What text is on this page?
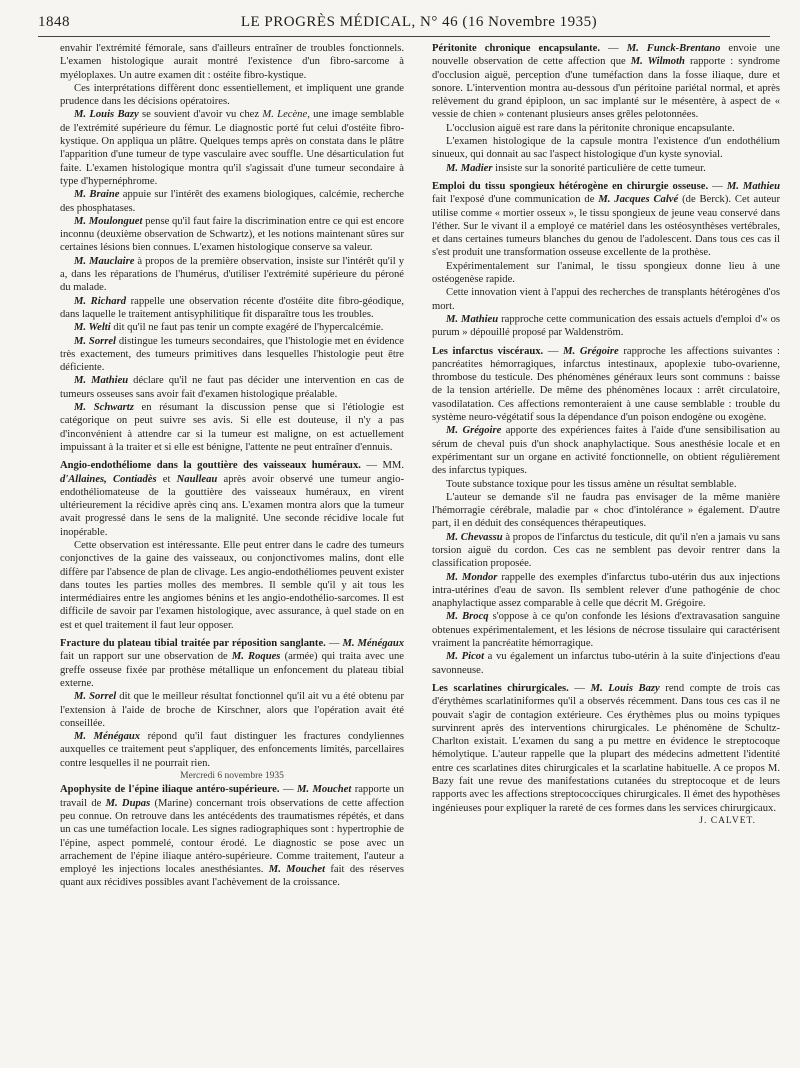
1848	LE PROGRÈS MÉDICAL, N° 46 (16 Novembre 1935)

envahir l'extrémité fémorale, sans d'ailleurs entraîner de troubles fonctionnels. L'examen histologique aurait montré l'existence d'un fibro-sarcome à myéloplaxes. Un autre examen dit : ostéite fibro-kystique.

Ces interprétations diffèrent donc essentiellement, et impliquent une grande prudence dans les décisions opératoires.

M. Louis Bazy se souvient d'avoir vu chez M. Lecène, une image semblable de l'extrémité supérieure du fémur. Le diagnostic porté fut celui d'ostéite fibro-kystique. On appliqua un plâtre. Quelques temps après on constata dans le plâtre l'apparition d'une tumeur de type vasculaire avec souffle. Une désarticulation fut faite. L'examen histologique montra qu'il s'agissait d'une tumeur secondaire à type d'hypernéphrome.

M. Braine appuie sur l'intérêt des examens biologiques, calcémie, recherche des phosphatases.

M. Moulonguet pense qu'il faut faire la discrimination entre ce qui est encore inconnu (deuxième observation de Schwartz), et les notions maintenant sûres sur certaines lésions bien connues. L'examen histologique conserve sa valeur.

M. Mauclaire à propos de la première observation, insiste sur l'intérêt qu'il y a, dans les réparations de l'humérus, d'utiliser l'extrémité supérieure du péroné du malade.

M. Richard rappelle une observation récente d'ostéite dite fibro-géodique, dans laquelle le traitement antisyphilitique fit disparaître tous les troubles.

M. Welti dit qu'il ne faut pas tenir un compte exagéré de l'hypercalcémie.

M. Sorrel distingue les tumeurs secondaires, que l'histologie met en évidence très exactement, des tumeurs primitives dans lesquelles l'histologie peut être déficiente.

M. Mathieu déclare qu'il ne faut pas décider une intervention en cas de tumeurs osseuses sans avoir fait d'examen histologique préalable.

M. Schwartz en résumant la discussion pense que si l'étiologie est catégorique on peut suivre ses avis. Si elle est douteuse, il n'y a pas d'inconvénient à attendre car si la tumeur est maligne, on est actuellement impuissant à la traiter et si elle est bénigne, l'attente ne peut entraîner d'ennuis.

Angio-endothéliome dans la gouttière des vaisseaux huméraux. — MM. d'Allaines, Contiadès et Naulleau après avoir observé une tumeur angio-endothéliomateuse de la gouttière des vaisseaux huméraux, en virent ultérieurement la récidive après cinq ans. L'examen montra alors que la tumeur avait progressé dans le sens de la malignité. Une seconde récidive locale fut inopérable.

Cette observation est intéressante. Elle peut entrer dans le cadre des tumeurs conjonctives de la gaine des vaisseaux, ou conjonctivomes malins, dont elle diffère par l'absence de plan de clivage. Les angio-endothéliomes peuvent exister dans toutes les parties molles des membres. Il semble qu'il y ait tous les intermédiaires entre les angiomes bénins et les angio-endothélio-sarcomes. Il est difficile de savoir par l'examen histologique, avec assurance, à quel stade on en est et quel traitement il faut leur opposer.

Fracture du plateau tibial traitée par réposition sanglante. — M. Ménégaux fait un rapport sur une observation de M. Roques (armée) qui traita avec une greffe osseuse fixée par prothèse métallique un enfoncement du plateau tibial externe.

M. Sorrel dit que le meilleur résultat fonctionnel qu'il ait vu a été obtenu par l'extension à l'aide de broche de Kirschner, alors que l'opération avait été conseillée.

M. Ménégaux répond qu'il faut distinguer les fractures condyliennes auxquelles ce traitement peut s'appliquer, des enfoncements limités, parcellaires contre lesquelles il ne pourrait rien.

Mercredi 6 novembre 1935

Apophysite de l'épine iliaque antéro-supérieure. — M. Mouchet rapporte un travail de M. Dupas (Marine) concernant trois observations de cette affection peu connue. On retrouve dans les antécédents des traumatismes répétés, et dans un cas une tuméfaction locale. Les signes radiographiques sont : hypertrophie de l'épine, aspect pommelé, contour érodé. Le diagnostic se pose avec un arrachement de l'épine iliaque antéro-supérieure. Comme traitement, l'auteur a employé les injections locales anesthésiantes. M. Mouchet fait des réserves quant aux récidives possibles avant l'achèvement de la croissance.

Péritonite chronique encapsulante. — M. Funck-Brentano envoie une nouvelle observation de cette affection que M. Wilmoth rapporte : syndrome d'occlusion aiguë, perception d'une tuméfaction dans la fosse iliaque, dure et sonore. L'intervention montra au-dessous d'un péritoine pariétal normal, et après relèvement du grand épiploon, un sac implanté sur le mésentère, à aspect de « vessie de chien » contenant plusieurs anses grêles pelotonnées.

L'occlusion aiguë est rare dans la péritonite chronique encapsulante.

L'examen histologique de la capsule montra l'existence d'un endothélium sinueux, qui donnait au sac l'aspect histologique d'un kyste synovial.

M. Madier insiste sur la sonorité particulière de cette tumeur.

Emploi du tissu spongieux hétérogène en chirurgie osseuse. — M. Mathieu fait l'exposé d'une communication de M. Jacques Calvé (de Berck). Cet auteur utilise comme « mortier osseux », le tissu spongieux de jeune veau conservé dans l'éther. Sur le vivant il a employé ce matériel dans les ostéosynthèses vertébrales, et dans certaines tumeurs blanches du genou de l'adolescent. Dans tous ces cas il s'est produit une transformation osseuse excellente de la prothèse.

Expérimentalement sur l'animal, le tissu spongieux donne lieu à une ostéogenèse rapide.

Cette innovation vient à l'appui des recherches de transplants hétérogènes d'os mort.

M. Mathieu rapproche cette communication des essais actuels d'emploi d'« os purum » dépouillé proposé par Waldenström.

Les infarctus viscéraux. — M. Grégoire rapproche les affections suivantes : pancréatites hémorragiques, infarctus intestinaux, apoplexie tubo-ovarienne, thrombose du testicule. Des phénomènes généraux leurs sont communs : baisse de la tension artérielle. De même des phénomènes locaux : arrêt circulatoire, vasodilatation. Ces affections remonteraient à une cause semblable : trouble du système neuro-végétatif sous la dépendance d'un poison endogène ou exogène.

M. Grégoire apporte des expériences faites à l'aide d'une sensibilisation au sérum de cheval puis d'un shock anaphylactique. Sous anesthésie locale et en expérimentant sur un organe en activité fonctionnelle, on obtient régulièrement des infarctus typiques.

Toute substance toxique pour les tissus amène un résultat semblable.

L'auteur se demande s'il ne faudra pas envisager de la même manière l'hémorragie cérébrale, maladie par « choc d'intolérance » également. D'autre part, il en déduit des conséquences thérapeutiques.

M. Chevassu à propos de l'infarctus du testicule, dit qu'il n'en a jamais vu sans torsion aiguë du cordon. Ces cas ne semblent pas devoir rentrer dans la classification proposée.

M. Mondor rappelle des exemples d'infarctus tubo-utérin dus aux injections intra-utérines d'eau de savon. Ils semblent relever d'une pathogénie de choc anaphylactique assez comparable à celle que décrit M. Grégoire.

M. Brocq s'oppose à ce qu'on confonde les lésions d'extravasation sanguine obtenues expérimentalement, et les lésions de nécrose tissulaire qui caractérisent vraiment la pancréatite hémorragique.

M. Picot a vu également un infarctus tubo-utérin à la suite d'injections d'eau savonneuse.

Les scarlatines chirurgicales. — M. Louis Bazy rend compte de trois cas d'érythèmes scarlatiniformes qu'il a observés récemment. Dans tous ces cas il ne pouvait s'agir de contagion extérieure. Ces érythèmes plus ou moins typiques survinrent après des interventions chirurgicales. Le phénomène de Schultz-Charlton existait. L'examen du sang a pu mettre en évidence le streptocoque hémolytique. L'auteur rappelle que la plupart des médecins admettent l'identité entre ces scarlatines dites chirurgicales et la scarlatine habituelle. A ce propos M. Bazy fait une revue des manifestations cutanées du streptocoque et de leurs rapports avec les affections streptococciques chirurgicales. Il émet des hypothèses ingénieuses pour expliquer la rareté de ces formes dans les services chirurgicaux.

J. CALVET.
